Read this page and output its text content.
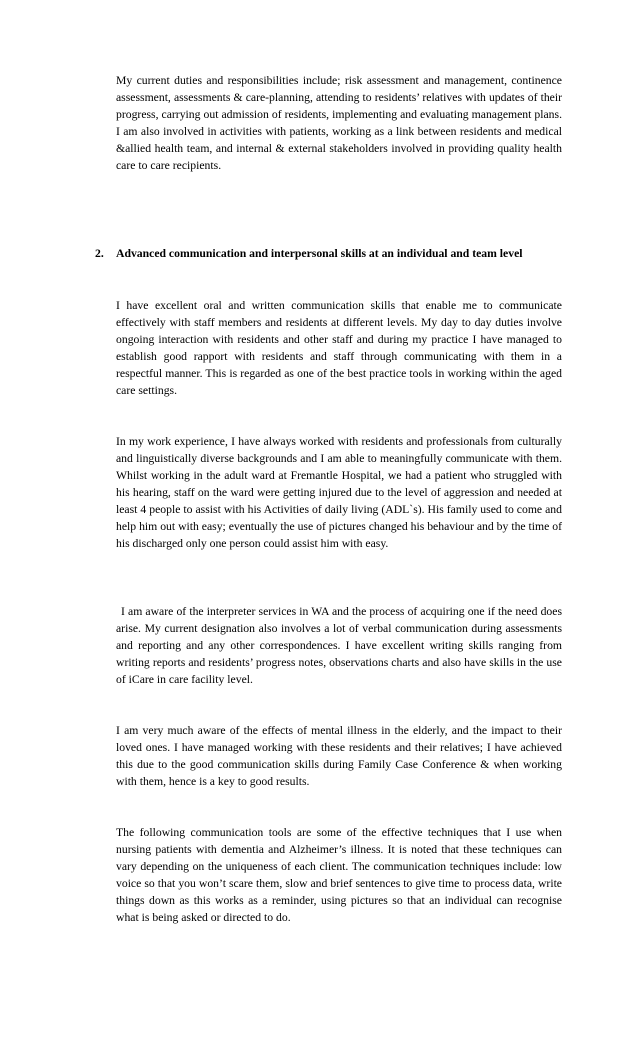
My current duties and responsibilities include; risk assessment and management, continence assessment, assessments & care-planning, attending to residents’ relatives with updates of their progress, carrying out admission of residents, implementing and evaluating management plans. I am also involved in activities with patients, working as a link between residents and medical &allied health team, and internal & external stakeholders involved in providing quality health care to care recipients.

2. Advanced communication and interpersonal skills at an individual and team level

I have excellent oral and written communication skills that enable me to communicate effectively with staff members and residents at different levels. My day to day duties involve ongoing interaction with residents and other staff and during my practice I have managed to establish good rapport with residents and staff through communicating with them in a respectful manner. This is regarded as one of the best practice tools in working within the aged care settings.

In my work experience, I have always worked with residents and professionals from culturally and linguistically diverse backgrounds and I am able to meaningfully communicate with them. Whilst working in the adult ward at Fremantle Hospital, we had a patient who struggled with his hearing, staff on the ward were getting injured due to the level of aggression and needed at least 4 people to assist with his Activities of daily living (ADL`s). His family used to come and help him out with easy; eventually the use of pictures changed his behaviour and by the time of his discharged only one person could assist him with easy.

I am aware of the interpreter services in WA and the process of acquiring one if the need does arise. My current designation also involves a lot of verbal communication during assessments and reporting and any other correspondences. I have excellent writing skills ranging from writing reports and residents’ progress notes, observations charts and also have skills in the use of iCare in care facility level.

I am very much aware of the effects of mental illness in the elderly, and the impact to their loved ones. I have managed working with these residents and their relatives; I have achieved this due to the good communication skills during Family Case Conference & when working with them, hence is a key to good results.

The following communication tools are some of the effective techniques that I use when nursing patients with dementia and Alzheimer’s illness. It is noted that these techniques can vary depending on the uniqueness of each client. The communication techniques include: low voice so that you won’t scare them, slow and brief sentences to give time to process data, write things down as this works as a reminder, using pictures so that an individual can recognise what is being asked or directed to do.
